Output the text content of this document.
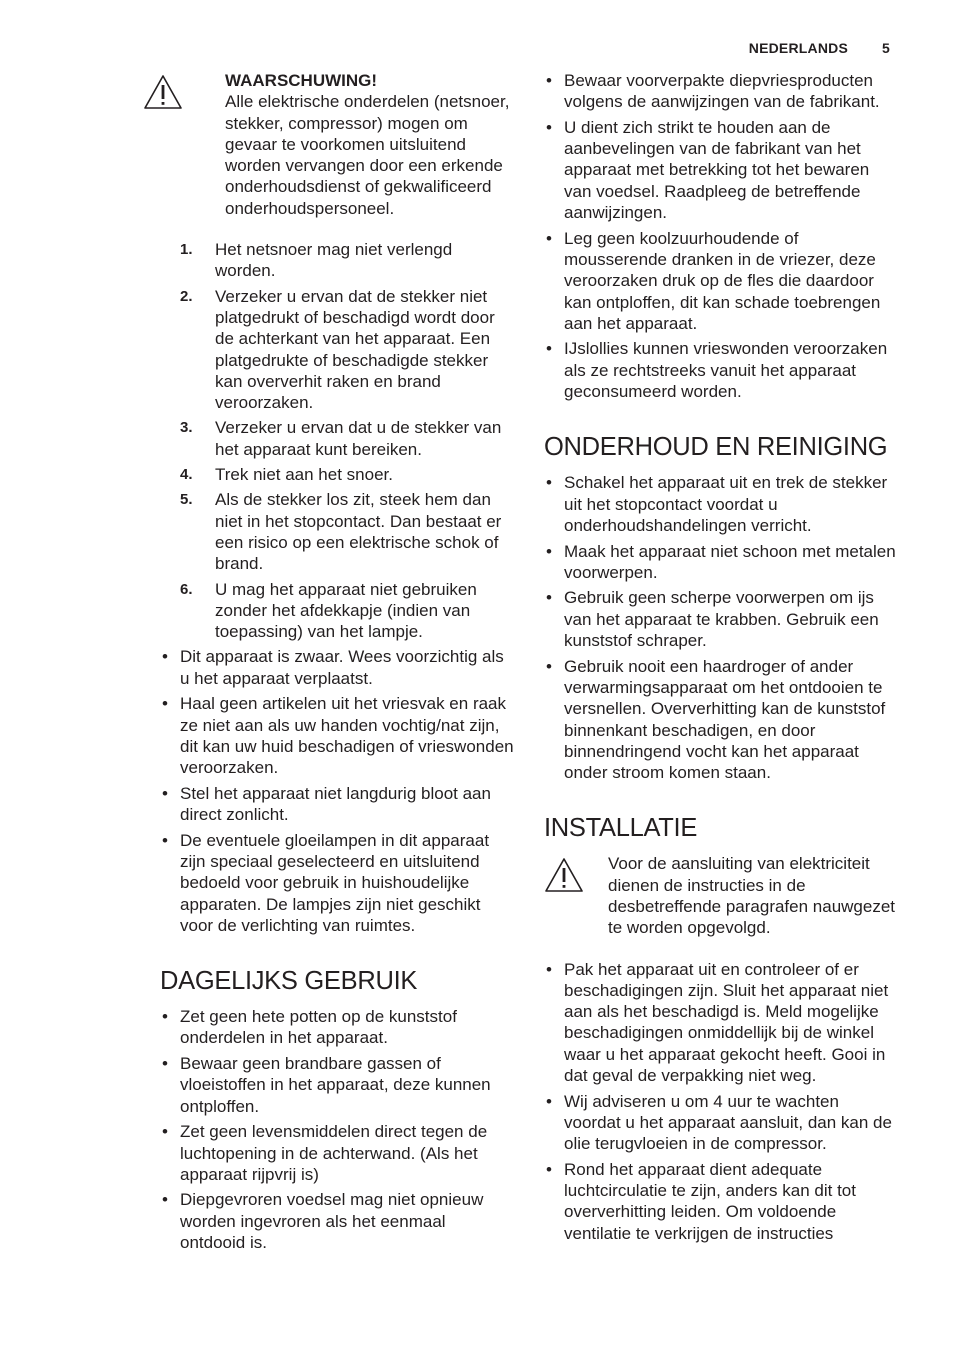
NEDERLANDS 5
WAARSCHUWING!
Alle elektrische onderdelen (netsnoer, stekker, compressor) mogen om gevaar te voorkomen uitsluitend worden vervangen door een erkende onderhoudsdienst of gekwalificeerd onderhoudspersoneel.
1. Het netsnoer mag niet verlengd worden.
2. Verzeker u ervan dat de stekker niet platgedrukt of beschadigd wordt door de achterkant van het apparaat. Een platgedrukte of beschadigde stekker kan oververhit raken en brand veroorzaken.
3. Verzeker u ervan dat u de stekker van het apparaat kunt bereiken.
4. Trek niet aan het snoer.
5. Als de stekker los zit, steek hem dan niet in het stopcontact. Dan bestaat er een risico op een elektrische schok of brand.
6. U mag het apparaat niet gebruiken zonder het afdekkapje (indien van toepassing) van het lampje.
• Dit apparaat is zwaar. Wees voorzichtig als u het apparaat verplaatst.
• Haal geen artikelen uit het vriesvak en raak ze niet aan als uw handen vochtig/nat zijn, dit kan uw huid beschadigen of vrieswonden veroorzaken.
• Stel het apparaat niet langdurig bloot aan direct zonlicht.
• De eventuele gloeilampen in dit apparaat zijn speciaal geselecteerd en uitsluitend bedoeld voor gebruik in huishoudelijke apparaten. De lampjes zijn niet geschikt voor de verlichting van ruimtes.
DAGELIJKS GEBRUIK
• Zet geen hete potten op de kunststof onderdelen in het apparaat.
• Bewaar geen brandbare gassen of vloeistoffen in het apparaat, deze kunnen ontploffen.
• Zet geen levensmiddelen direct tegen de luchtopening in de achterwand. (Als het apparaat rijpvrij is)
• Diepgevroren voedsel mag niet opnieuw worden ingevroren als het eenmaal ontdooid is.
• Bewaar voorverpakte diepvriesproducten volgens de aanwijzingen van de fabrikant.
• U dient zich strikt te houden aan de aanbevelingen van de fabrikant van het apparaat met betrekking tot het bewaren van voedsel. Raadpleeg de betreffende aanwijzingen.
• Leg geen koolzuurhoudende of mousserende dranken in de vriezer, deze veroorzaken druk op de fles die daardoor kan ontploffen, dit kan schade toebrengen aan het apparaat.
• IJslollies kunnen vrieswonden veroorzaken als ze rechtstreeks vanuit het apparaat geconsumeerd worden.
ONDERHOUD EN REINIGING
• Schakel het apparaat uit en trek de stekker uit het stopcontact voordat u onderhoudshandelingen verricht.
• Maak het apparaat niet schoon met metalen voorwerpen.
• Gebruik geen scherpe voorwerpen om ijs van het apparaat te krabben. Gebruik een kunststof schraper.
• Gebruik nooit een haardroger of ander verwarmingsapparaat om het ontdooien te versnellen. Oververhitting kan de kunststof binnenkant beschadigen, en door binnendringend vocht kan het apparaat onder stroom komen staan.
INSTALLATIE
Voor de aansluiting van elektriciteit dienen de instructies in de desbetreffende paragrafen nauwgezet te worden opgevolgd.
• Pak het apparaat uit en controleer of er beschadigingen zijn. Sluit het apparaat niet aan als het beschadigd is. Meld mogelijke beschadigingen onmiddellijk bij de winkel waar u het apparaat gekocht heeft. Gooi in dat geval de verpakking niet weg.
• Wij adviseren u om 4 uur te wachten voordat u het apparaat aansluit, dan kan de olie terugvloeien in de compressor.
• Rond het apparaat dient adequate luchtcirculatie te zijn, anders kan dit tot oververhitting leiden. Om voldoende ventilatie te verkrijgen de instructies
